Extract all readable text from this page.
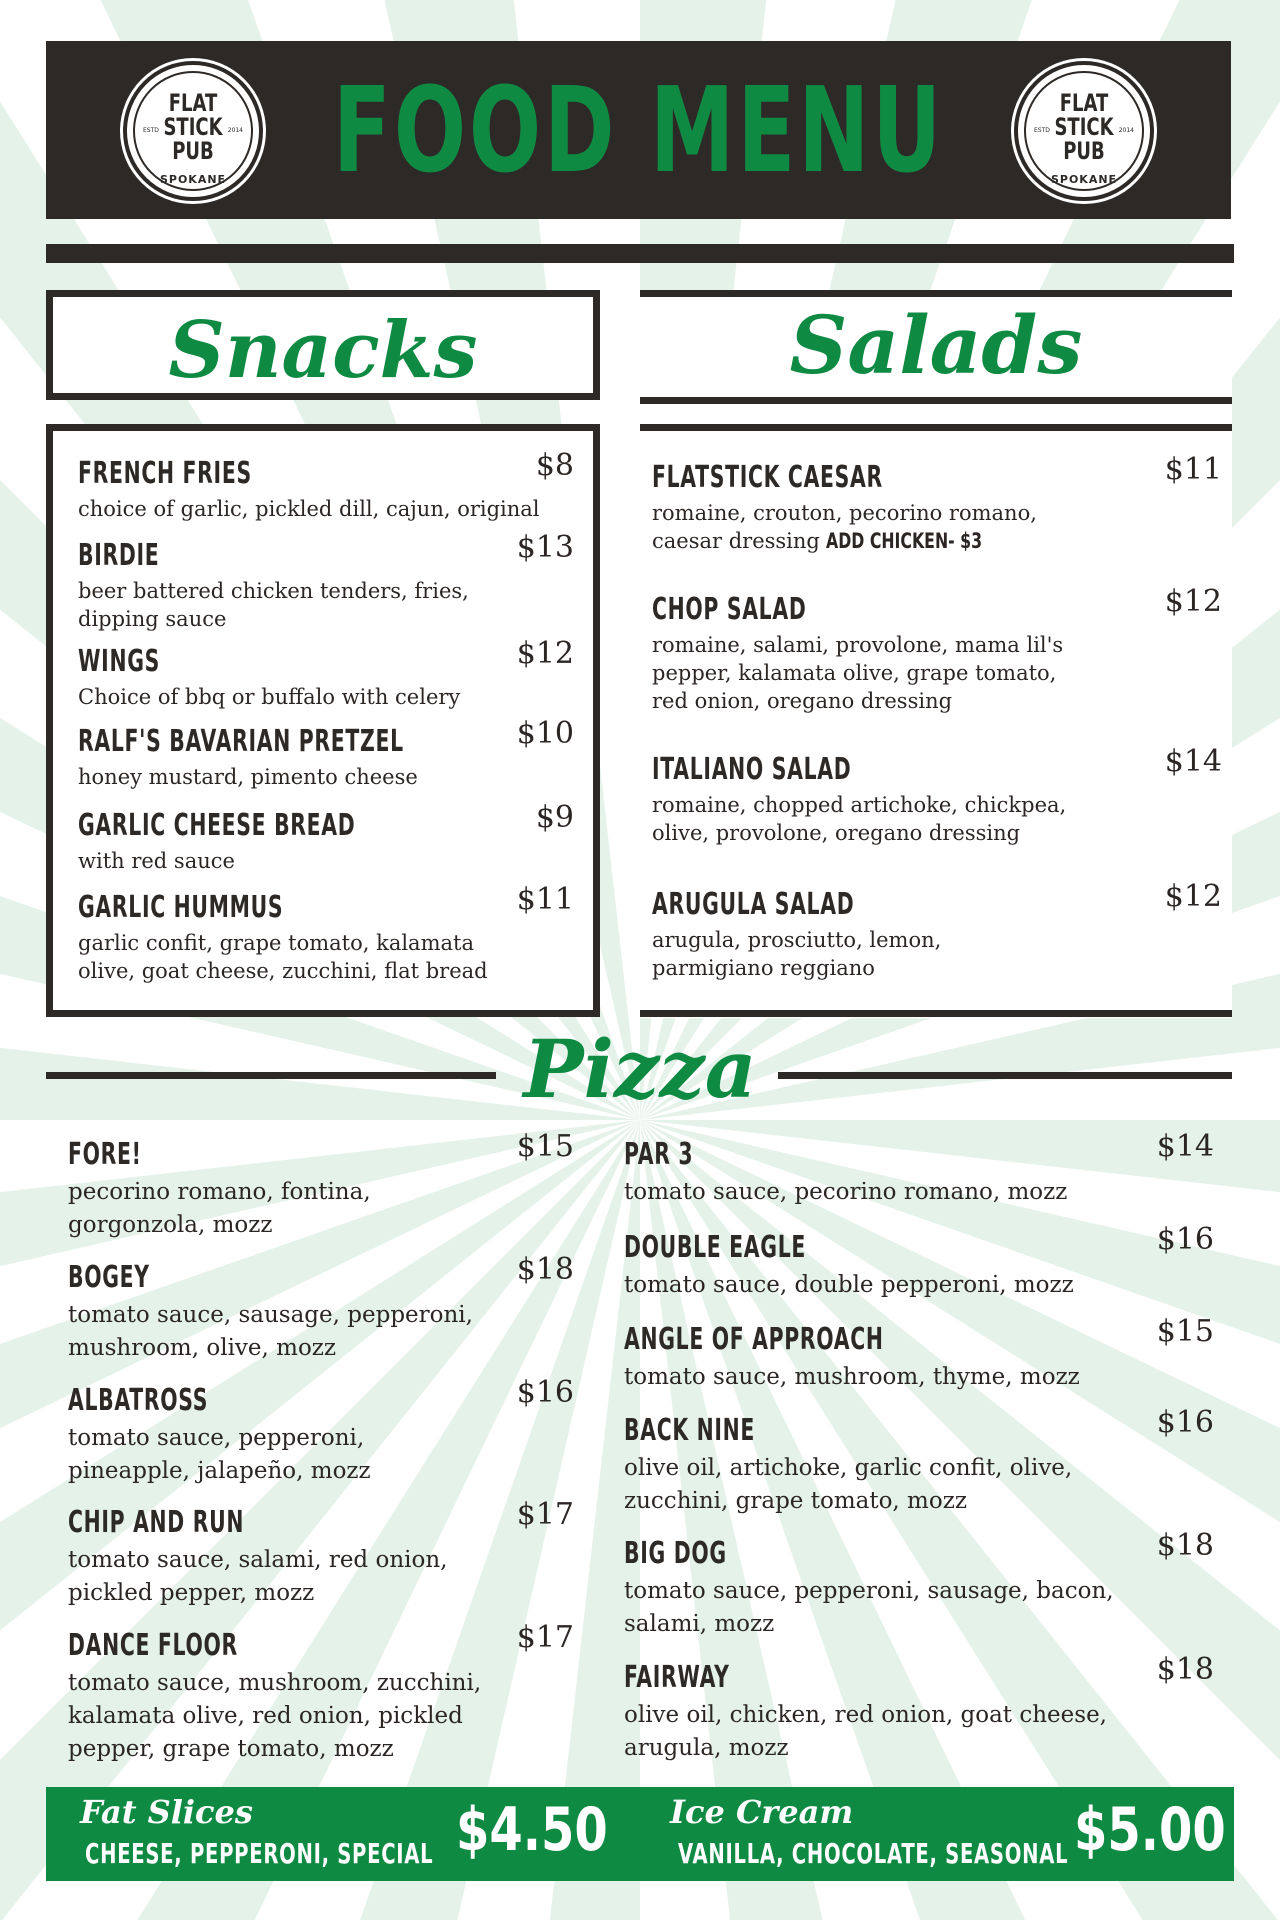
FLAT
STICK
PUB
ESTD	2014
SPOKANE FOOD MENU	FLAT
STICK
PUB
ESTD	2014
SPOKANE
Snacks
FRENCH FRIES
choice of garlic, pickled dill, cajun, original
$8
BIRDIE
beer battered chicken tenders, fries,
dipping sauce
$13
WINGS
Choice of bbq or buffalo with celery
$12
RALF'S BAVARIAN PRETZEL
honey mustard, pimento cheese
$10
GARLIC CHEESE BREAD
with red sauce
$9
GARLIC HUMMUS
garlic confit, grape tomato, kalamata
olive, goat cheese, zucchini, flat bread
$11
Salads
FLATSTICK CAESAR
romaine, crouton, pecorino romano,
caesar dressing ADD CHICKEN- $3
$11
CHOP SALAD
romaine, salami, provolone, mama lil's
pepper, kalamata olive, grape tomato,
red onion, oregano dressing
$12
ITALIANO SALAD
romaine, chopped artichoke, chickpea,
olive, provolone, oregano dressing
$14
ARUGULA SALAD
arugula, prosciutto, lemon,
parmigiano reggiano
$12
Pizza
FORE!
pecorino romano, fontina,
gorgonzola, mozz
$15
BOGEY
tomato sauce, sausage, pepperoni,
mushroom, olive, mozz
$18
ALBATROSS
tomato sauce, pepperoni,
pineapple, jalapeño, mozz
$16
CHIP AND RUN
tomato sauce, salami, red onion,
pickled pepper, mozz
$17
DANCE FLOOR
tomato sauce, mushroom, zucchini,
kalamata olive, red onion, pickled
pepper, grape tomato, mozz
$17
PAR 3
tomato sauce, pecorino romano, mozz
$14
DOUBLE EAGLE
tomato sauce, double pepperoni, mozz
$16
ANGLE OF APPROACH
tomato sauce, mushroom, thyme, mozz
$15
BACK NINE
olive oil, artichoke, garlic confit, olive,
zucchini, grape tomato, mozz
$16
BIG DOG
tomato sauce, pepperoni, sausage, bacon,
salami, mozz
$18
FAIRWAY
olive oil, chicken, red onion, goat cheese,
arugula, mozz
$18
Fat Slices
CHEESE, PEPPERONI, SPECIAL $4.50 Ice Cream
VANILLA, CHOCOLATE, SEASONAL $5.00
